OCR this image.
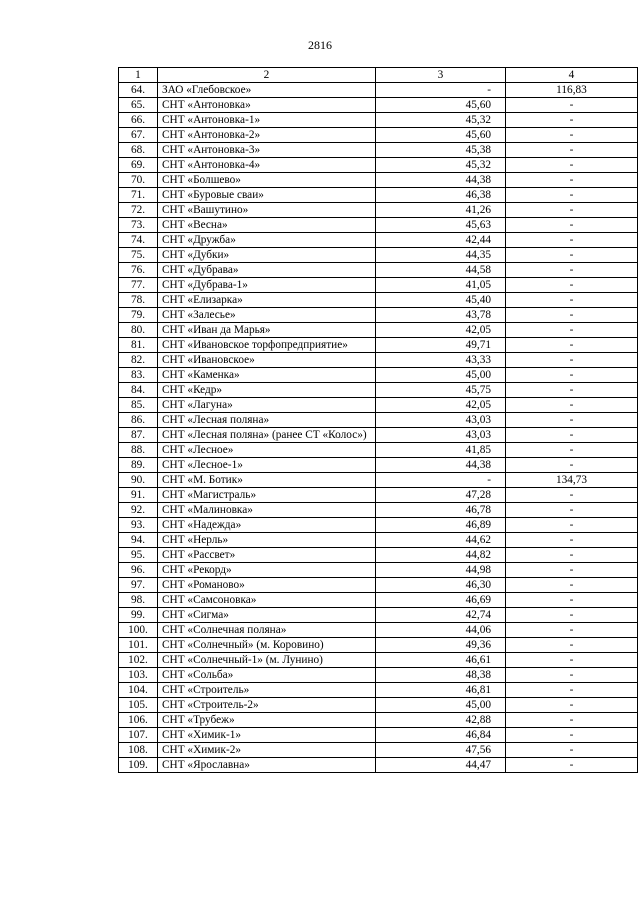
2816
1	2	3	4
64.	ЗАО «Глебовское»	-	116,83
65.	СНТ «Антоновка»	45,60	-
66.	СНТ «Антоновка-1»	45,32	-
67.	СНТ «Антоновка-2»	45,60	-
68.	СНТ «Антоновка-3»	45,38	-
69.	СНТ «Антоновка-4»	45,32	-
70.	СНТ «Болшево»	44,38	-
71.	СНТ «Буровые сваи»	46,38	-
72.	СНТ «Вашутино»	41,26	-
73.	СНТ «Весна»	45,63	-
74.	СНТ «Дружба»	42,44	-
75.	СНТ «Дубки»	44,35	-
76.	СНТ «Дубрава»	44,58	-
77.	СНТ «Дубрава-1»	41,05	-
78.	СНТ «Елизарка»	45,40	-
79.	СНТ «Залесье»	43,78	-
80.	СНТ «Иван да Марья»	42,05	-
81.	СНТ «Ивановское торфопредприятие»	49,71	-
82.	СНТ «Ивановское»	43,33	-
83.	СНТ «Каменка»	45,00	-
84.	СНТ «Кедр»	45,75	-
85.	СНТ «Лагуна»	42,05	-
86.	СНТ «Лесная поляна»	43,03	-
87.	СНТ «Лесная поляна» (ранее СТ «Колос»)	43,03	-
88.	СНТ «Лесное»	41,85	-
89.	СНТ «Лесное-1»	44,38	-
90.	СНТ «М. Ботик»	-	134,73
91.	СНТ «Магистраль»	47,28	-
92.	СНТ «Малиновка»	46,78	-
93.	СНТ «Надежда»	46,89	-
94.	СНТ «Нерль»	44,62	-
95.	СНТ «Рассвет»	44,82	-
96.	СНТ «Рекорд»	44,98	-
97.	СНТ «Романово»	46,30	-
98.	СНТ «Самсоновка»	46,69	-
99.	СНТ «Сигма»	42,74	-
100.	СНТ «Солнечная поляна»	44,06	-
101.	СНТ «Солнечный» (м. Коровино)	49,36	-
102.	СНТ «Солнечный-1» (м. Лунино)	46,61	-
103.	СНТ «Сольба»	48,38	-
104.	СНТ «Строитель»	46,81	-
105.	СНТ «Строитель-2»	45,00	-
106.	СНТ «Трубеж»	42,88	-
107.	СНТ «Химик-1»	46,84	-
108.	СНТ «Химик-2»	47,56	-
109.	СНТ «Ярославна»	44,47	-
